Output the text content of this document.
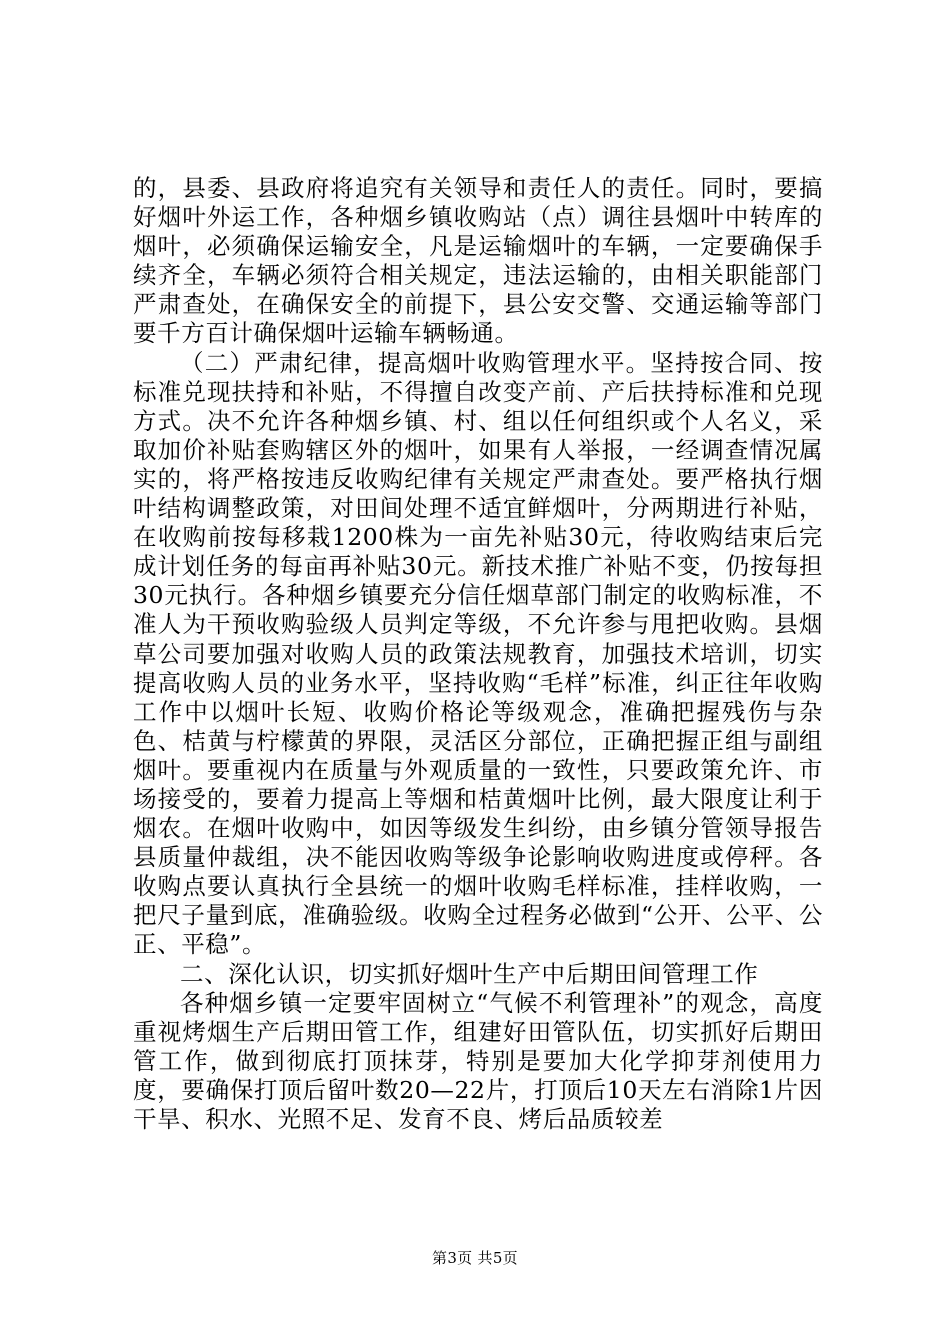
的，县委、县政府将追究有关领导和责任人的责任。同时，要搞好烟叶外运工作，各种烟乡镇收购站（点）调往县烟叶中转库的烟叶，必须确保运输安全，凡是运输烟叶的车辆，一定要确保手续齐全，车辆必须符合相关规定，违法运输的，由相关职能部门严肃查处，在确保安全的前提下，县公安交警、交通运输等部门要千方百计确保烟叶运输车辆畅通。

（二）严肃纪律，提高烟叶收购管理水平。坚持按合同、按标准兑现扶持和补贴，不得擅自改变产前、产后扶持标准和兑现方式。决不允许各种烟乡镇、村、组以任何组织或个人名义，采取加价补贴套购辖区外的烟叶，如果有人举报，一经调查情况属实的，将严格按违反收购纪律有关规定严肃查处。要严格执行烟叶结构调整政策，对田间处理不适宜鲜烟叶，分两期进行补贴，在收购前按每移栽1200株为一亩先补贴30元，待收购结束后完成计划任务的每亩再补贴30元。新技术推广补贴不变，仍按每担30元执行。各种烟乡镇要充分信任烟草部门制定的收购标准，不准人为干预收购验级人员判定等级，不允许参与甩把收购。县烟草公司要加强对收购人员的政策法规教育，加强技术培训，切实提高收购人员的业务水平，坚持收购“毛样”标准，纠正往年收购工作中以烟叶长短、收购价格论等级观念，准确把握残伤与杂色、桔黄与柠檬黄的界限，灵活区分部位，正确把握正组与副组烟叶。要重视内在质量与外观质量的一致性，只要政策允许、市场接受的，要着力提高上等烟和桔黄烟叶比例，最大限度让利于烟农。在烟叶收购中，如因等级发生纠纷，由乡镇分管领导报告县质量仲裁组，决不能因收购等级争论影响收购进度或停秤。各收购点要认真执行全县统一的烟叶收购毛样标准，挂样收购，一把尺子量到底，准确验级。收购全过程务必做到“公开、公平、公正、平稳”。

二、深化认识，切实抓好烟叶生产中后期田间管理工作

各种烟乡镇一定要牢固树立“气候不利管理补”的观念，高度重视烤烟生产后期田管工作，组建好田管队伍，切实抓好后期田管工作，做到彻底打顶抹芽，特别是要加大化学抑芽剂使用力度，要确保打顶后留叶数20—22片，打顶后10天左右消除1片因干旱、积水、光照不足、发育不良、烤后品质较差

第3页 共5页
